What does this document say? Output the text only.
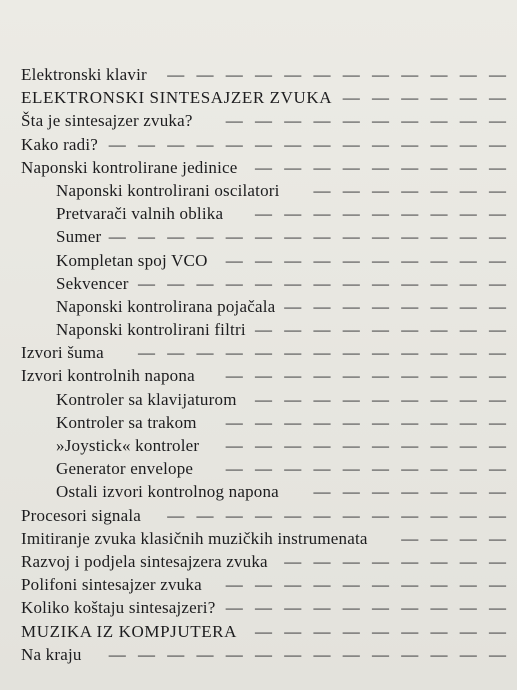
Elektronski klavir	— — — — — — — — — — — —
ELEKTRONSKI SINTESAJZER ZVUKA — — — — — —
Šta je sintesajzer zvuka?	— — — — — — — — — —
Kako radi? — — — — — — — — — — — — — —
Naponski kontrolirane jedinice	— — — — — — — — —
Naponski kontrolirani oscilatori	— — — — — — —
Pretvarači valnih oblika	— — — — — — — — —
Sumer — — — — — — — — — — — — — —
Kompletan spoj VCO	— — — — — — — — — —
Sekvencer — — — — — — — — — — — — —
Naponski kontrolirana pojačala — — — — — — — —
Naponski kontrolirani filtri — — — — — — — — —
Izvori šuma	— — — — — — — — — — — — —
Izvori kontrolnih napona	— — — — — — — — — —
Kontroler sa klavijaturom	— — — — — — — — —
Kontroler sa trakom	— — — — — — — — — —
»Joystick« kontroler	— — — — — — — — — —
Generator envelope	— — — — — — — — — —
Ostali izvori kontrolnog napona	— — — — — — —
Procesori signala	— — — — — — — — — — — —
Imitiranje zvuka klasičnih muzičkih instrumenata	— — — —
Razvoj i podjela sintesajzera zvuka — — — — — — — —
Polifoni sintesajzer zvuka	— — — — — — — — — —
Koliko koštaju sintesajzeri? — — — — — — — — — —
MUZIKA IZ KOMPJUTERA	— — — — — — — — —
Na kraju	— — — — — — — — — — — — — —
